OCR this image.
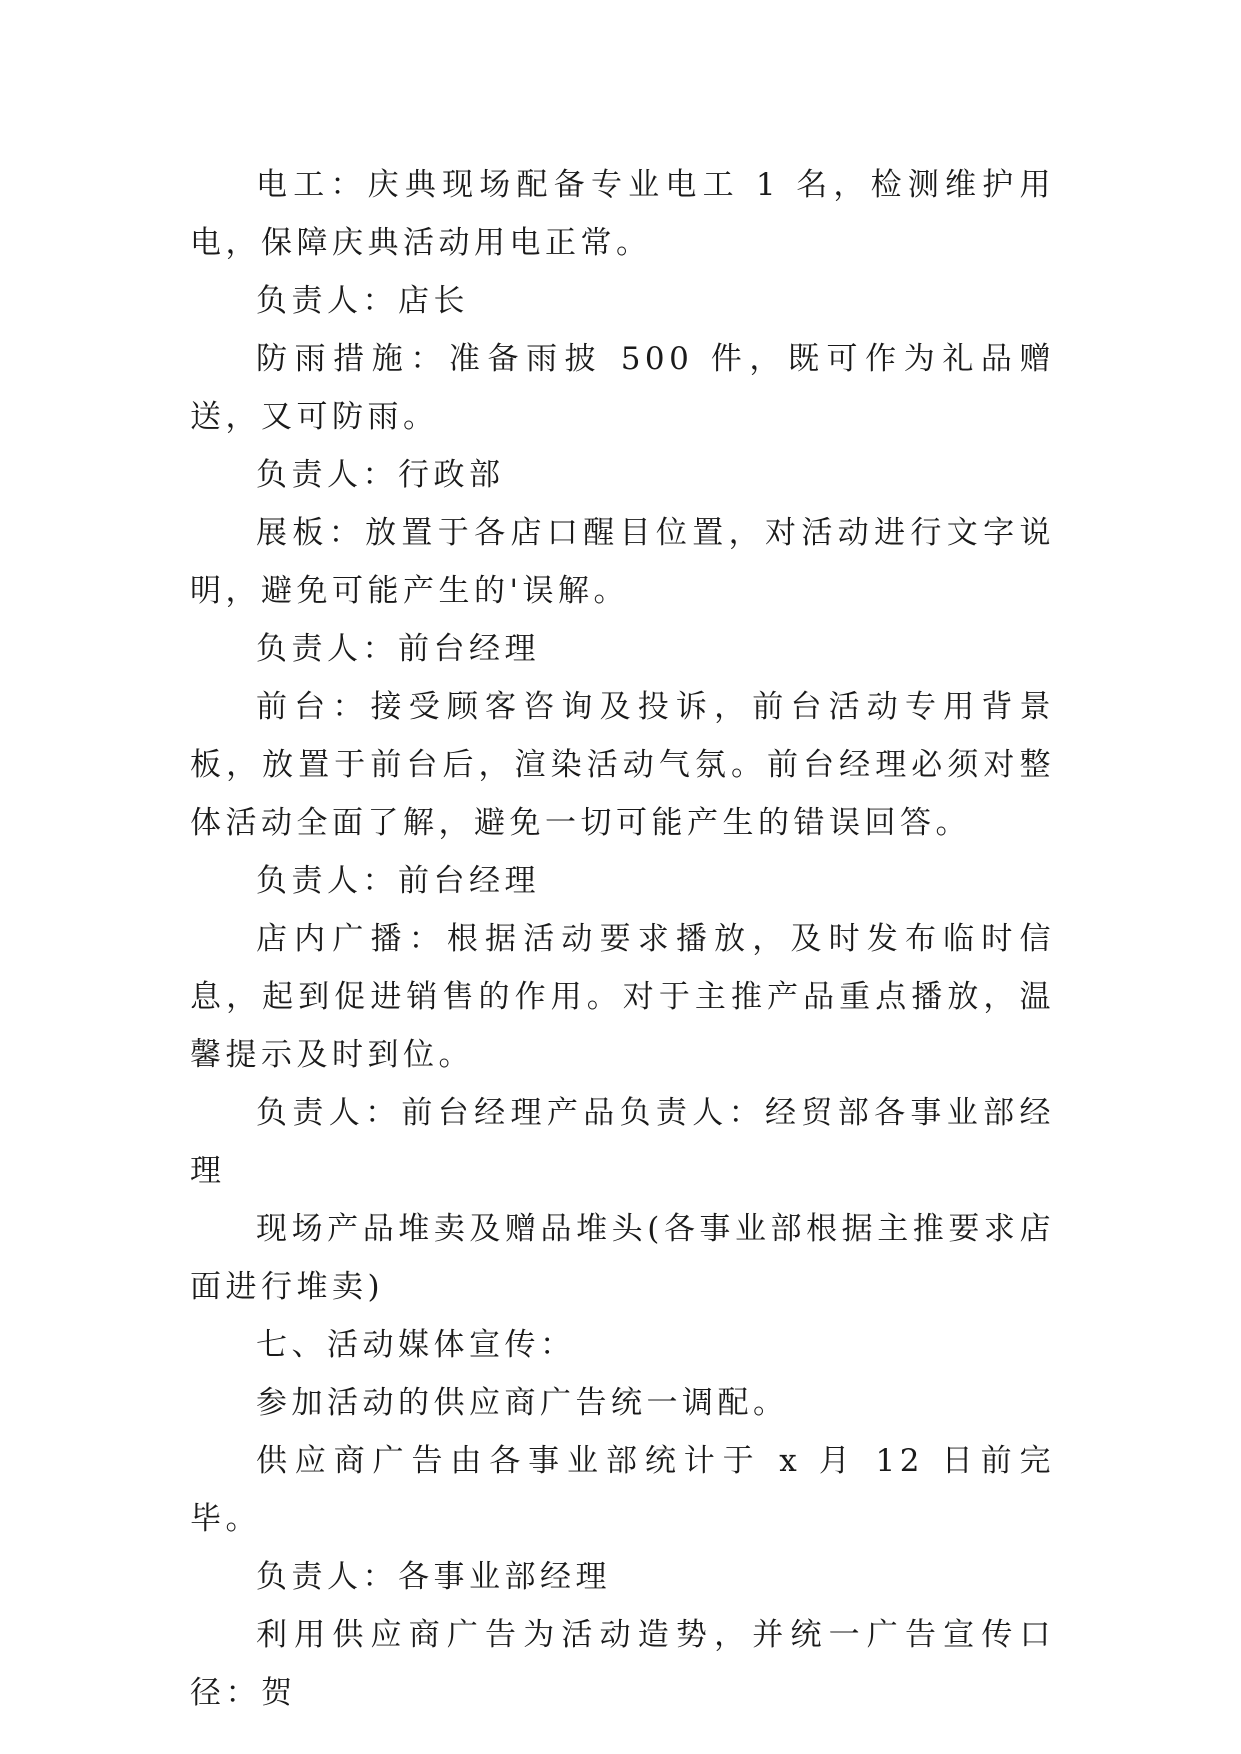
电工：庆典现场配备专业电工 1 名，检测维护用电，保障庆典活动用电正常。

负责人：店长

防雨措施：准备雨披 500 件，既可作为礼品赠送，又可防雨。

负责人：行政部

展板：放置于各店口醒目位置，对活动进行文字说明，避免可能产生的'误解。

负责人：前台经理

前台：接受顾客咨询及投诉，前台活动专用背景板，放置于前台后，渲染活动气氛。前台经理必须对整体活动全面了解，避免一切可能产生的错误回答。

负责人：前台经理

店内广播：根据活动要求播放，及时发布临时信息，起到促进销售的作用。对于主推产品重点播放，温馨提示及时到位。

负责人：前台经理产品负责人：经贸部各事业部经理

现场产品堆卖及赠品堆头(各事业部根据主推要求店面进行堆卖)

七、活动媒体宣传：

参加活动的供应商广告统一调配。

供应商广告由各事业部统计于 x 月 12 日前完毕。

负责人：各事业部经理

利用供应商广告为活动造势，并统一广告宣传口径：贺
